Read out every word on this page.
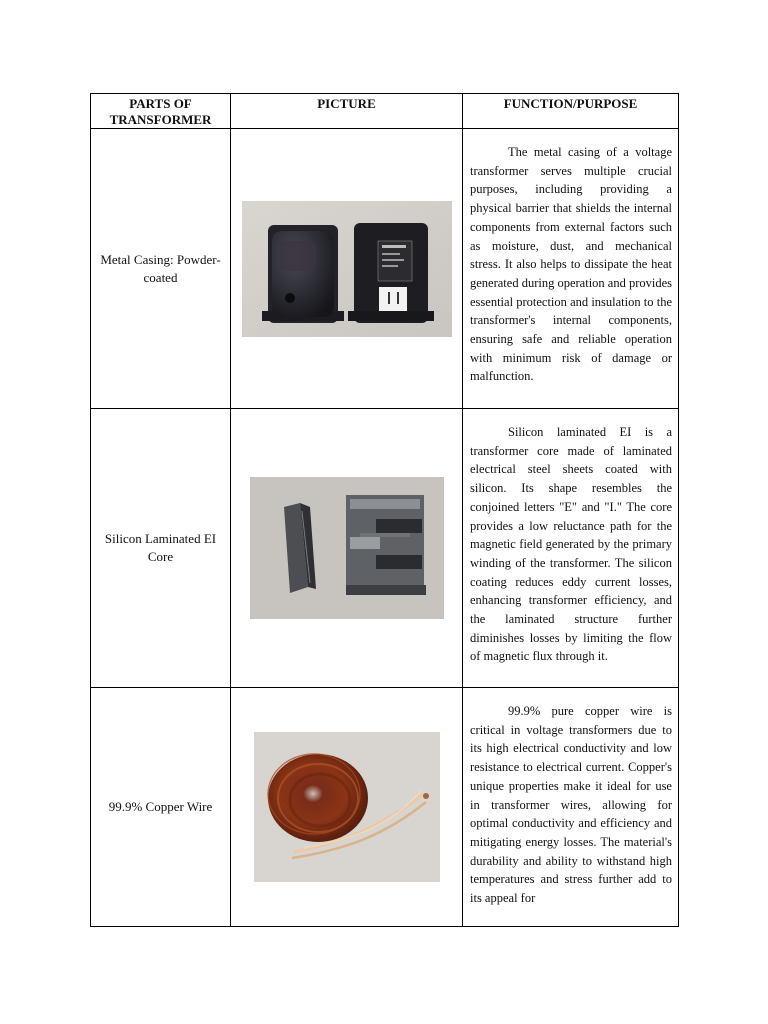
PARTS OF TRANSFORMER	PICTURE	FUNCTION/PURPOSE
Metal Casing: Powder-coated		The metal casing of a voltage transformer serves multiple crucial purposes, including providing a physical barrier that shields the internal components from external factors such as moisture, dust, and mechanical stress. It also helps to dissipate the heat generated during operation and provides essential protection and insulation to the transformer's internal components, ensuring safe and reliable operation with minimum risk of damage or malfunction.

Silicon Laminated EI Core		Silicon laminated EI is a transformer core made of laminated electrical steel sheets coated with silicon. Its shape resembles the conjoined letters "E" and "I." The core provides a low reluctance path for the magnetic field generated by the primary winding of the transformer. The silicon coating reduces eddy current losses, enhancing transformer efficiency, and the laminated structure further diminishes losses by limiting the flow of magnetic flux through it.

99.9% Copper Wire		99.9% pure copper wire is critical in voltage transformers due to its high electrical conductivity and low resistance to electrical current. Copper's unique properties make it ideal for use in transformer wires, allowing for optimal conductivity and efficiency and mitigating energy losses. The material's durability and ability to withstand high temperatures and stress further add to its appeal for
